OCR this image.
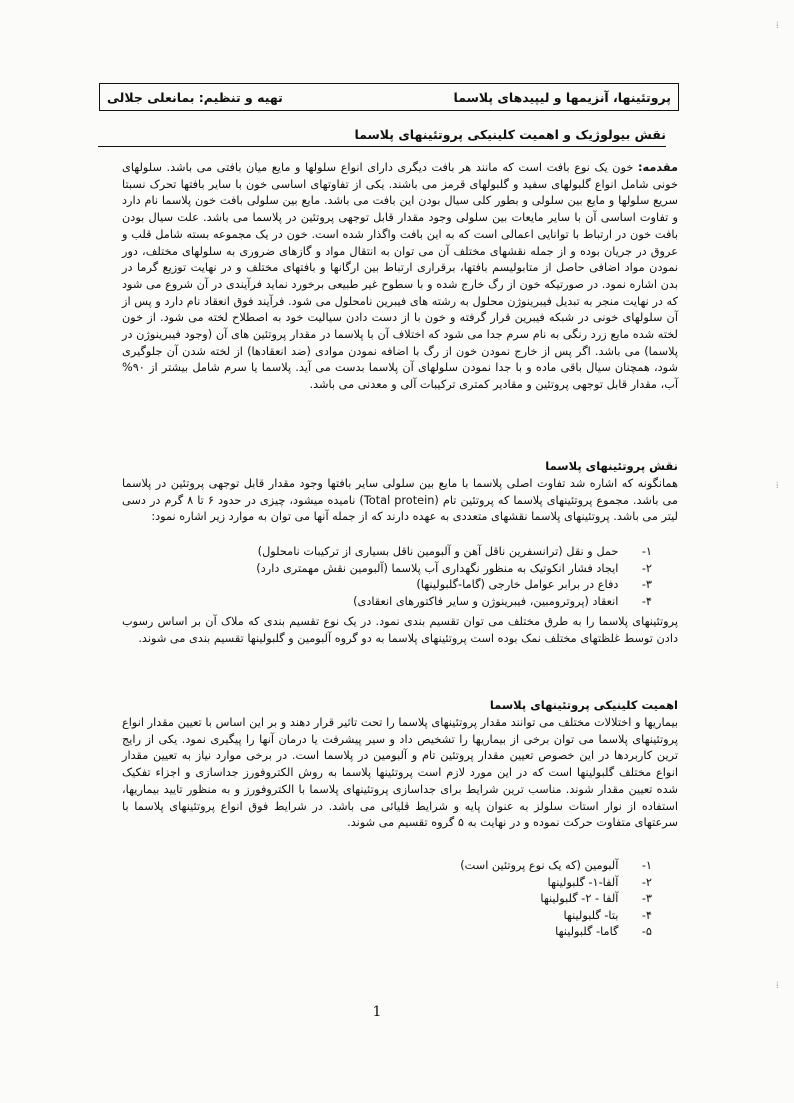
پروتئینها، آنزیمها و لیپیدهای پلاسما
تهیه و تنظیم: بمانعلی جلالی
نقش بیولوژیک و اهمیت کلینیکی پروتئینهای پلاسما

مقدمه: خون یک نوع بافت است که مانند هر بافت دیگری دارای انواع سلولها و مایع میان بافتی می باشد. سلولهای خونی شامل انواع گلبولهای سفید و گلبولهای قرمز می باشند. یکی از تفاوتهای اساسی خون با سایر بافتها تحرک نسبتا سریع سلولها و مایع بین سلولی و بطور کلی سیال بودن این بافت می باشد. مایع بین سلولی بافت خون پلاسما نام دارد و تفاوت اساسی آن با سایر مایعات بین سلولی وجود مقدار قابل توجهی پروتئین در پلاسما می باشد. علت سیال بودن بافت خون در ارتباط با توانایی اعمالی است که به این بافت واگذار شده است. خون در یک مجموعه بسته شامل قلب و عروق در جریان بوده و از جمله نقشهای مختلف آن می توان به انتقال مواد و گازهای ضروری به سلولهای مختلف، دور نمودن مواد اضافی حاصل از متابولیسم بافتها، برقراری ارتباط بین ارگانها و بافتهای مختلف و در نهایت توزیع گرما در بدن اشاره نمود. در صورتیکه خون از رگ خارج شده و با سطوح غیر طبیعی برخورد نماید فرآیندی در آن شروع می شود که در نهایت منجر به تبدیل فیبرینوژن محلول به رشته های فیبرین نامحلول می شود. فرآیند فوق انعقاد نام دارد و پس از آن سلولهای خونی در شبکه فیبرین قرار گرفته و خون با از دست دادن سیالیت خود به اصطلاح لخته می شود. از خون لخته شده مایع زرد رنگی به نام سرم جدا می شود که اختلاف آن با پلاسما در مقدار پروتئین های آن (وجود فیبرینوژن در پلاسما) می باشد. اگر پس از خارج نمودن خون از رگ با اضافه نمودن موادی (ضد انعقادها) از لخته شدن آن جلوگیری شود، همچنان سیال باقی ماده و با جدا نمودن سلولهای آن پلاسما بدست می آید. پلاسما یا سرم شامل بیشتر از ۹۰% آب، مقدار قابل توجهی پروتئین و مقادیر کمتری ترکیبات آلی و معدنی می باشد.

نقش پروتئینهای پلاسما

همانگونه که اشاره شد تفاوت اصلی پلاسما با مایع بین سلولی سایر بافتها وجود مقدار قابل توجهی پروتئین در پلاسما می باشد. مجموع پروتئینهای پلاسما که پروتئین تام (Total protein) نامیده میشود، چیزی در حدود ۶ تا ۸ گرم در دسی لیتر می باشد. پروتئینهای پلاسما نقشهای متعددی به عهده دارند که از جمله آنها می توان به موارد زیر اشاره نمود:

۱- حمل و نقل (ترانسفرین ناقل آهن و آلبومین ناقل بسیاری از ترکیبات نامحلول)
۲- ایجاد فشار انکوتیک به منظور نگهداری آب پلاسما (آلبومین نقش مهمتری دارد)
۳- دفاع در برابر عوامل خارجی (گاما-گلبولینها)
۴- انعقاد (پروترومبین، فیبرینوژن و سایر فاکتورهای انعقادی)

پروتئینهای پلاسما را به طرق مختلف می توان تقسیم بندی نمود. در یک نوع تقسیم بندی که ملاک آن بر اساس رسوب دادن توسط غلظتهای مختلف نمک بوده است پروتئینهای پلاسما به دو گروه آلبومین و گلبولینها تقسیم بندی می شوند.

اهمیت کلینیکی پروتئینهای پلاسما

بیماریها و اختلالات مختلف می توانند مقدار پروتئینهای پلاسما را تحت تاثیر قرار دهند و بر این اساس با تعیین مقدار انواع پروتئینهای پلاسما می توان برخی از بیماریها را تشخیص داد و سیر پیشرفت یا درمان آنها را پیگیری نمود. یکی از رایج ترین کاربردها در این خصوص تعیین مقدار پروتئین تام و آلبومین در پلاسما است. در برخی موارد نیاز به تعیین مقدار انواع مختلف گلبولینها است که در این مورد لازم است پروتئینها پلاسما به روش الکتروفورز جداسازی و اجزاء تفکیک شده تعیین مقدار شوند. مناسب ترین شرایط برای جداسازی پروتئینهای پلاسما با الکتروفورز و به منظور تایید بیماریها، استفاده از نوار استات سلولز به عنوان پایه و شرایط قلیائی می باشد. در شرایط فوق انواع پروتئینهای پلاسما با سرعتهای متفاوت حرکت نموده و در نهایت به ۵ گروه تقسیم می شوند.

۱- آلبومین (که یک نوع پروتئین است)
۲- آلفا-۱- گلبولینها
۳- آلفا - ۲- گلبولینها
۴- بتا- گلبولینها
۵- گاما- گلبولینها
1
⁞
⁞
⁞
